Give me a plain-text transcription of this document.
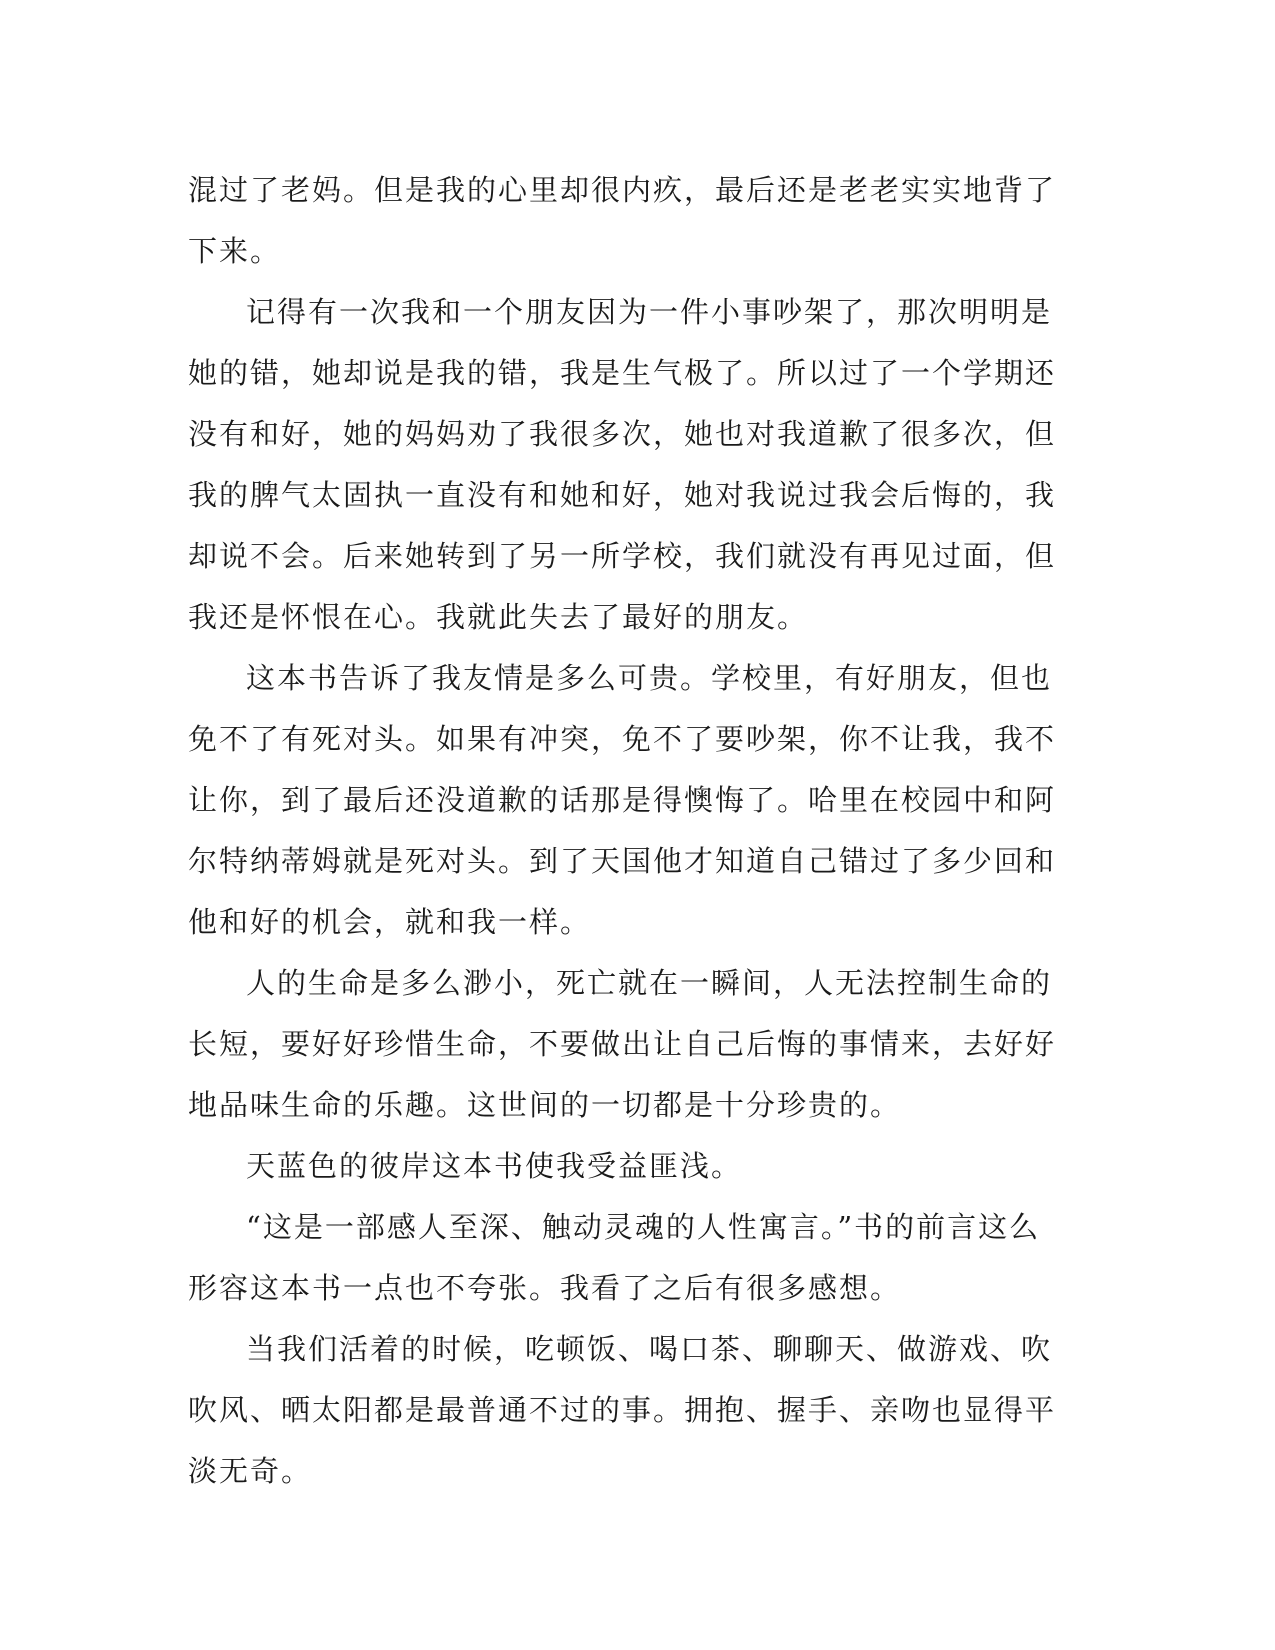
混过了老妈。但是我的心里却很内疚，最后还是老老实实地背了下来。

记得有一次我和一个朋友因为一件小事吵架了，那次明明是她的错，她却说是我的错，我是生气极了。所以过了一个学期还没有和好，她的妈妈劝了我很多次，她也对我道歉了很多次，但我的脾气太固执一直没有和她和好，她对我说过我会后悔的，我却说不会。后来她转到了另一所学校，我们就没有再见过面，但我还是怀恨在心。我就此失去了最好的朋友。

这本书告诉了我友情是多么可贵。学校里，有好朋友，但也免不了有死对头。如果有冲突，免不了要吵架，你不让我，我不让你，到了最后还没道歉的话那是得懊悔了。哈里在校园中和阿尔特纳蒂姆就是死对头。到了天国他才知道自己错过了多少回和他和好的机会，就和我一样。

人的生命是多么渺小，死亡就在一瞬间，人无法控制生命的长短，要好好珍惜生命，不要做出让自己后悔的事情来，去好好地品味生命的乐趣。这世间的一切都是十分珍贵的。

天蓝色的彼岸这本书使我受益匪浅。

“这是一部感人至深、触动灵魂的人性寓言。”书的前言这么形容这本书一点也不夸张。我看了之后有很多感想。

当我们活着的时候，吃顿饭、喝口茶、聊聊天、做游戏、吹吹风、晒太阳都是最普通不过的事。拥抱、握手、亲吻也显得平淡无奇。
